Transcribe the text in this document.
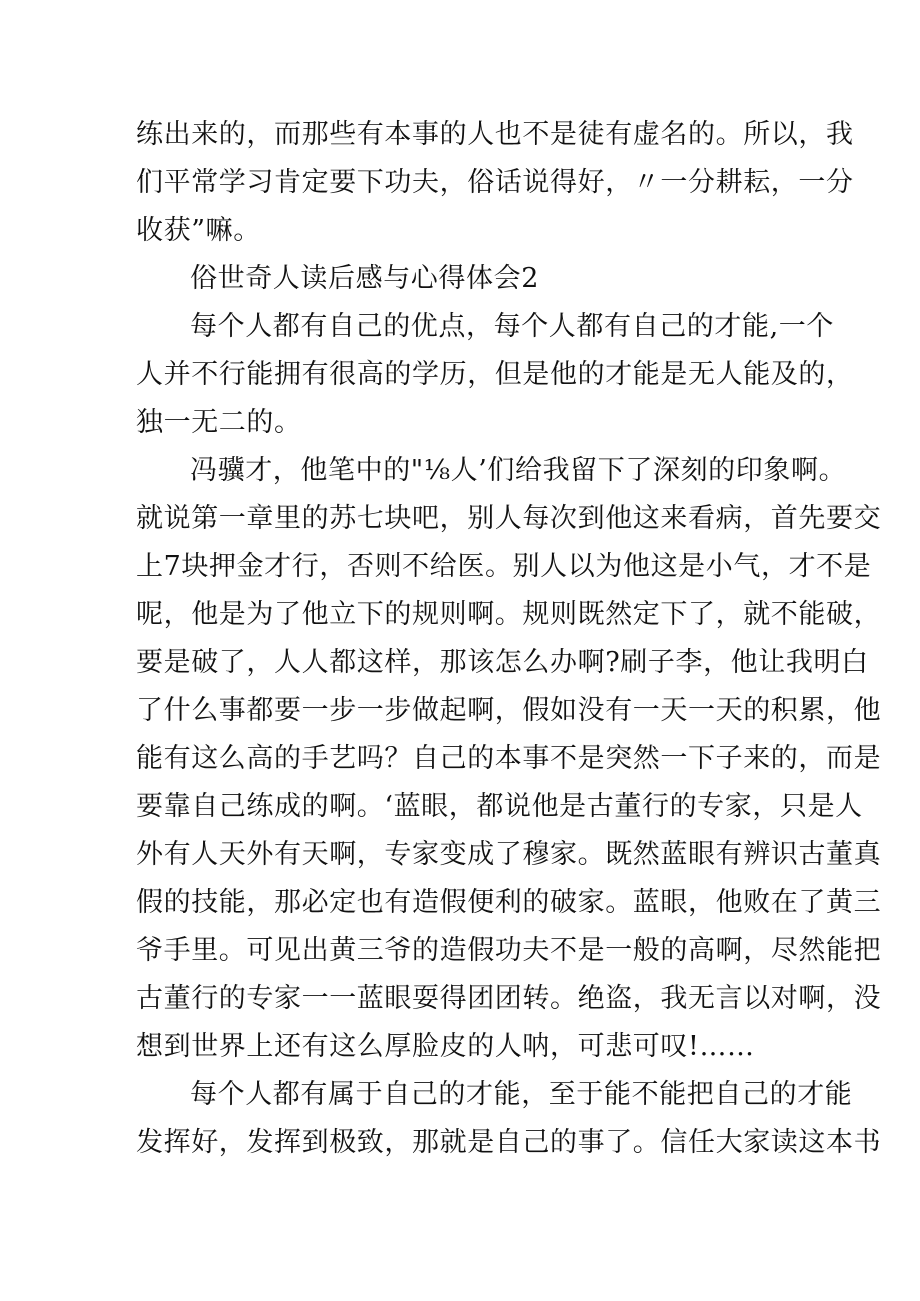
练出来的，而那些有本事的人也不是徒有虚名的。所以，我
们平常学习肯定要下功夫，俗话说得好，〃一分耕耘，一分
收获”嘛。
俗世奇人读后感与心得体会2
每个人都有自己的优点，每个人都有自己的才能,一个
人并不行能拥有很高的学历，但是他的才能是无人能及的，
独一无二的。
冯骥才，他笔中的"⅛人’们给我留下了深刻的印象啊。
就说第一章里的苏七块吧，别人每次到他这来看病，首先要交
上7块押金才行，否则不给医。别人以为他这是小气，才不是
呢，他是为了他立下的规则啊。规则既然定下了，就不能破，
要是破了，人人都这样，那该怎么办啊?刷子李，他让我明白
了什么事都要一步一步做起啊，假如没有一天一天的积累，他
能有这么高的手艺吗？自己的本事不是突然一下子来的，而是
要靠自己练成的啊。‘蓝眼，都说他是古董行的专家，只是人
外有人天外有天啊，专家变成了穆家。既然蓝眼有辨识古董真
假的技能，那必定也有造假便利的破家。蓝眼，他败在了黄三
爷手里。可见出黄三爷的造假功夫不是一般的高啊，尽然能把
古董行的专家一一蓝眼耍得团团转。绝盗，我无言以对啊，没
想到世界上还有这么厚脸皮的人呐，可悲可叹!……
每个人都有属于自己的才能，至于能不能把自己的才能
发挥好，发挥到极致，那就是自己的事了。信任大家读这本书
